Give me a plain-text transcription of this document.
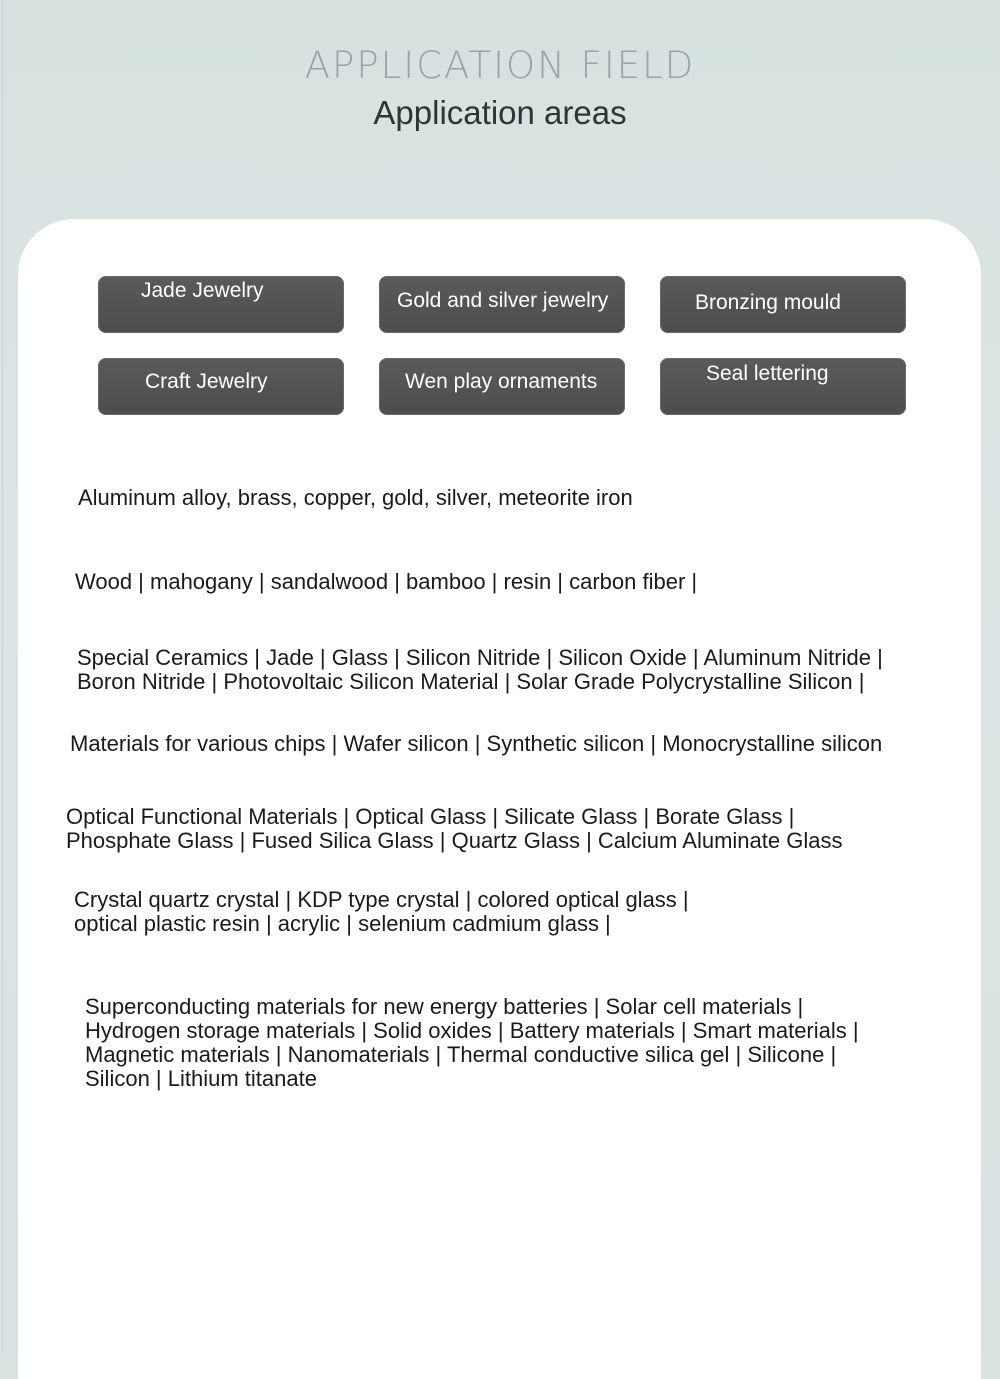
APPLICATION FIELD
Application areas
Jade Jewelry	Gold and silver jewelry	Bronzing mould
Craft Jewelry	Wen play ornaments	Seal lettering
Aluminum alloy, brass, copper, gold, silver, meteorite iron
Wood | mahogany | sandalwood | bamboo | resin | carbon fiber |
Special Ceramics | Jade | Glass | Silicon Nitride | Silicon Oxide | Aluminum Nitride |
Boron Nitride | Photovoltaic Silicon Material | Solar Grade Polycrystalline Silicon |
Materials for various chips | Wafer silicon | Synthetic silicon | Monocrystalline silicon
Optical Functional Materials | Optical Glass | Silicate Glass | Borate Glass |
Phosphate Glass | Fused Silica Glass | Quartz Glass | Calcium Aluminate Glass
Crystal quartz crystal | KDP type crystal | colored optical glass |
optical plastic resin | acrylic | selenium cadmium glass |
Superconducting materials for new energy batteries | Solar cell materials |
Hydrogen storage materials | Solid oxides | Battery materials | Smart materials |
Magnetic materials | Nanomaterials | Thermal conductive silica gel | Silicone |
Silicon | Lithium titanate
